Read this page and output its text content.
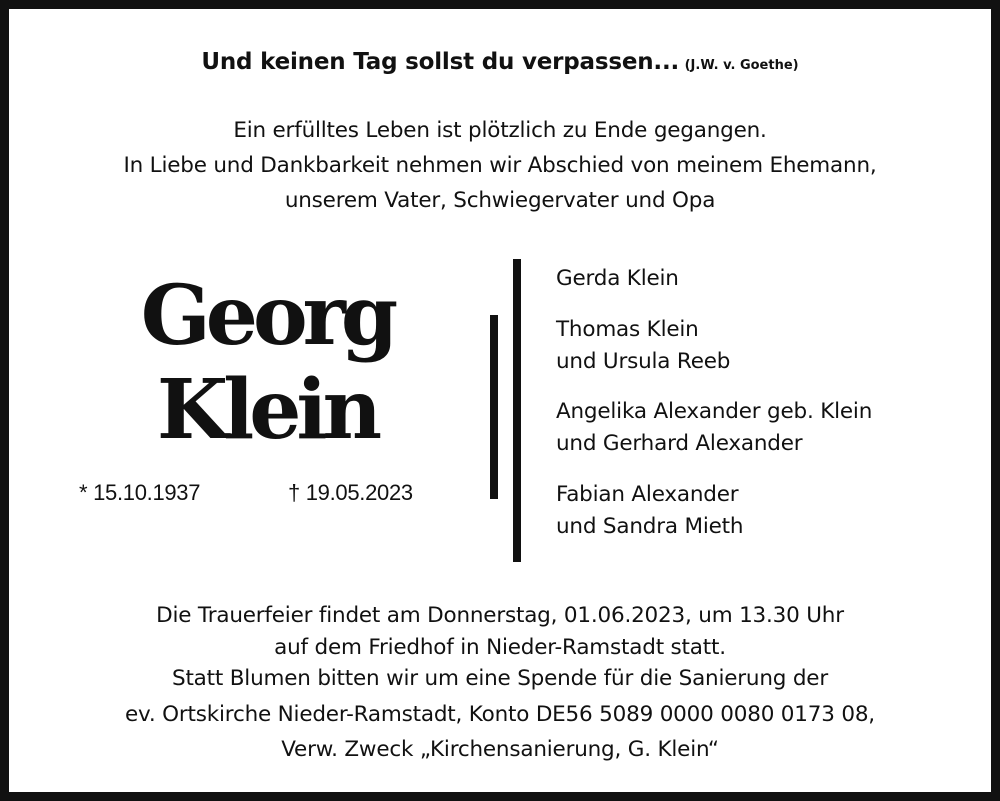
Und keinen Tag sollst du verpassen... (J.W. v. Goethe)
Ein erfülltes Leben ist plötzlich zu Ende gegangen.
In Liebe und Dankbarkeit nehmen wir Abschied von meinem Ehemann,
unserem Vater, Schwiegervater und Opa
Georg
Klein
* 15.10.1937	† 19.05.2023
Gerda Klein
Thomas Klein
und Ursula Reeb
Angelika Alexander geb. Klein
und Gerhard Alexander
Fabian Alexander
und Sandra Mieth
Die Trauerfeier findet am Donnerstag, 01.06.2023, um 13.30 Uhr
auf dem Friedhof in Nieder-Ramstadt statt.
Statt Blumen bitten wir um eine Spende für die Sanierung der
ev. Ortskirche Nieder-Ramstadt, Konto DE56 5089 0000 0080 0173 08,
Verw. Zweck „Kirchensanierung, G. Klein“
